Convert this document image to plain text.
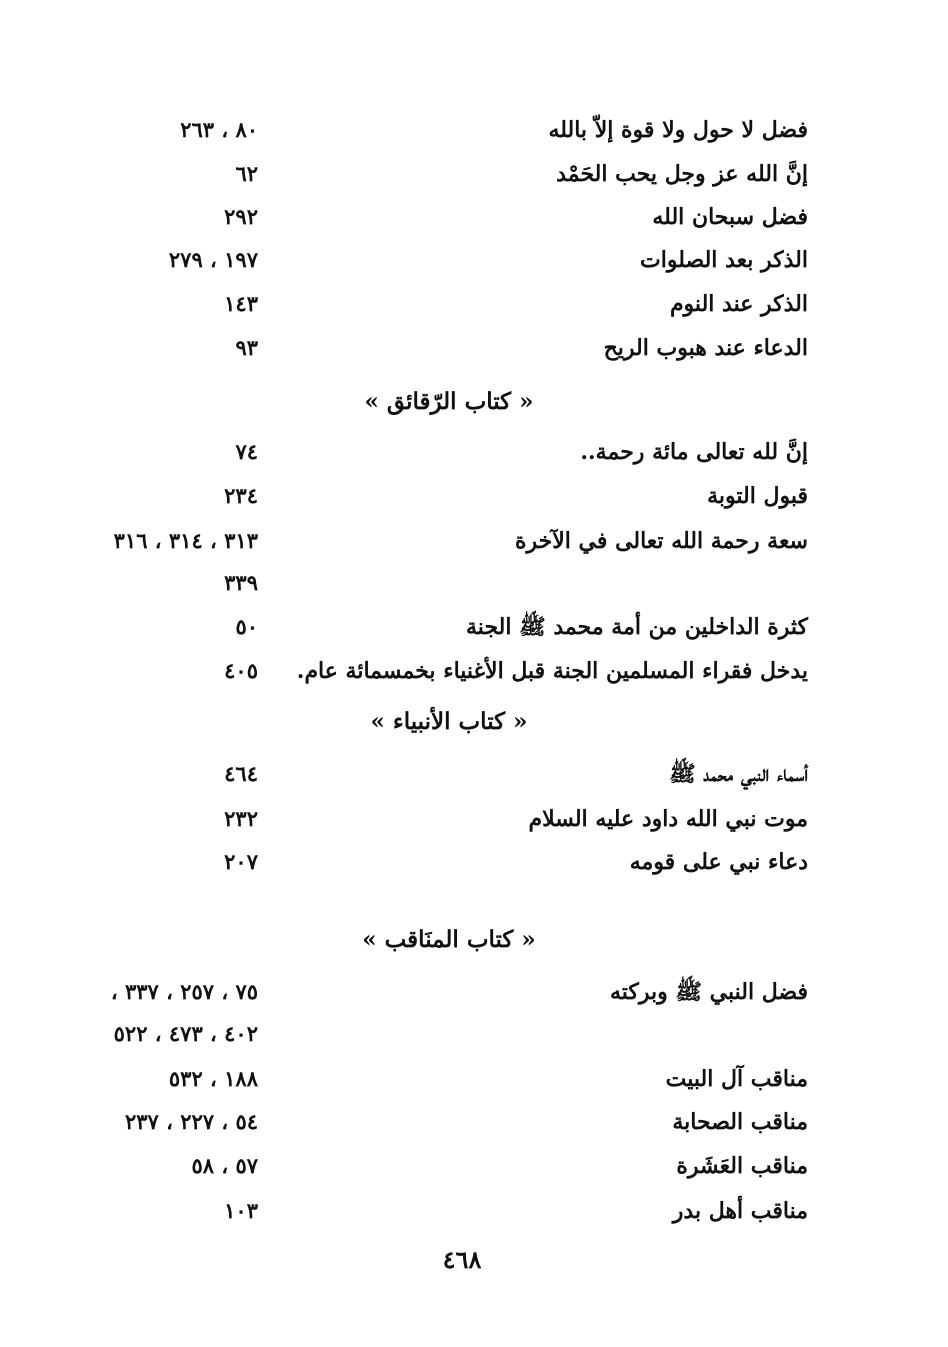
فضل لا حول ولا قوة إلاّ بالله
٨٠ ، ٢٦٣
إنَّ الله عز وجل يحب الحَمْد
٦٢
فضل سبحان الله
٢٩٢
الذكر بعد الصلوات
١٩٧ ، ٢٧٩
الذكر عند النوم
١٤٣
الدعاء عند هبوب الريح
٩٣
« كتاب الرّقائق »
إنَّ لله تعالى مائة رحمة..
٧٤
قبول التوبة
٢٣٤
سعة رحمة الله تعالى في الآخرة
٣١٣ ، ٣١٤ ، ٣١٦
٣٣٩
كثرة الداخلين من أمة محمد ﷺ الجنة
٥٠
يدخل فقراء المسلمين الجنة قبل الأغنياء بخمسمائة عام.
٤٠٥
« كتاب الأنبياء »
أسماء النبي محمد ﷺ
٤٦٤
موت نبي الله داود عليه السلام
٢٣٢
دعاء نبي على قومه
٢٠٧
« كتاب المنَاقب »
فضل النبي ﷺ وبركته
٧٥ ، ٢٥٧ ، ٣٣٧ ،
٤٠٢ ، ٤٧٣ ، ٥٢٢
مناقب آل البيت
١٨٨ ، ٥٣٢
مناقب الصحابة
٥٤ ، ٢٢٧ ، ٢٣٧
مناقب العَشَرة
٥٧ ، ٥٨
مناقب أهل بدر
١٠٣
٤٦٨
